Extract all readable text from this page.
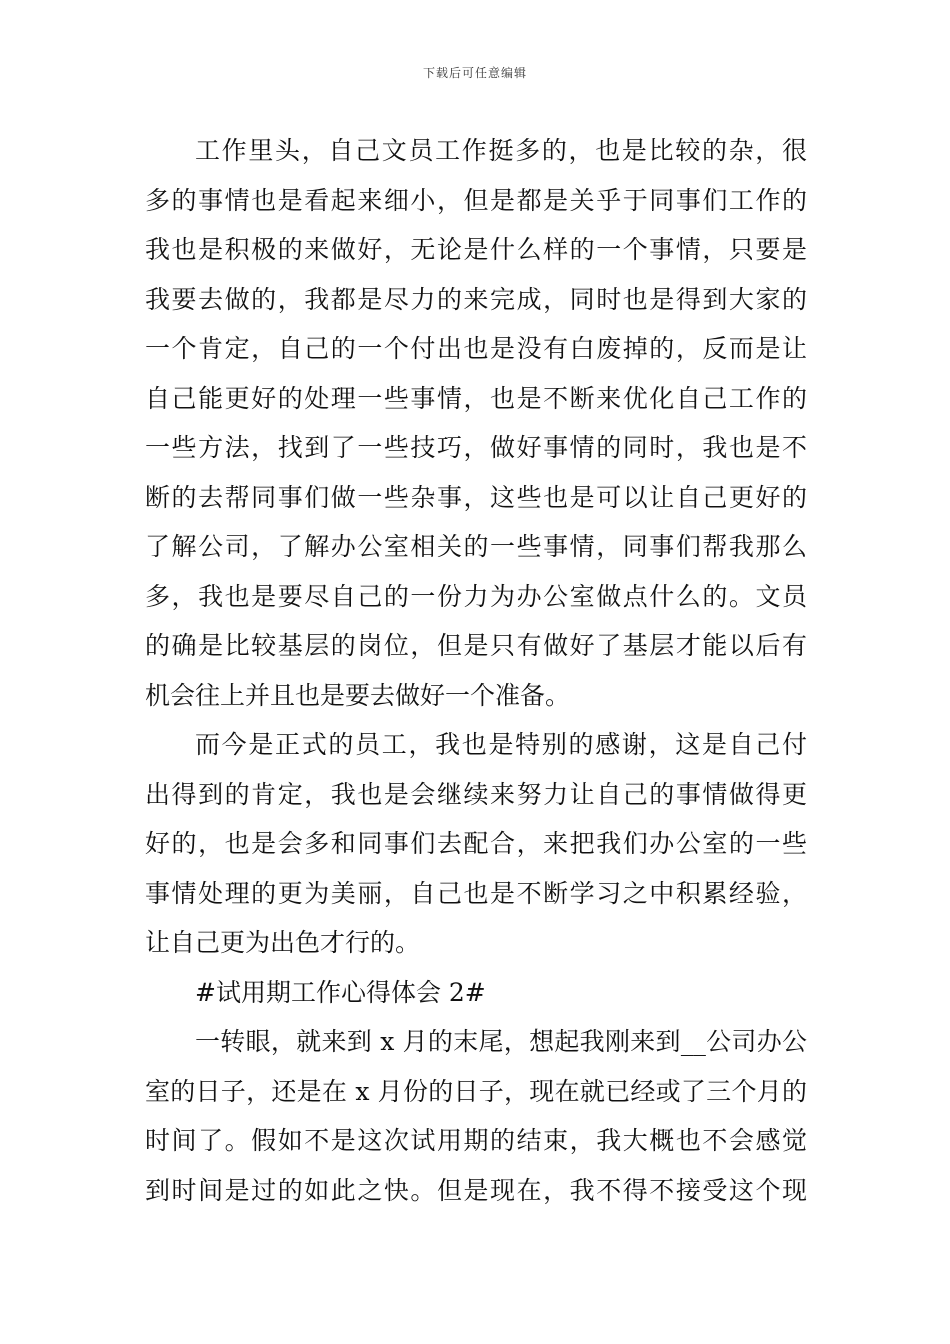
下载后可任意编辑
工作里头，自己文员工作挺多的，也是比较的杂，很
多的事情也是看起来细小，但是都是关乎于同事们工作的
我也是积极的来做好，无论是什么样的一个事情，只要是
我要去做的，我都是尽力的来完成，同时也是得到大家的
一个肯定，自己的一个付出也是没有白废掉的，反而是让
自己能更好的处理一些事情，也是不断来优化自己工作的
一些方法，找到了一些技巧，做好事情的同时，我也是不
断的去帮同事们做一些杂事，这些也是可以让自己更好的
了解公司，了解办公室相关的一些事情，同事们帮我那么
多，我也是要尽自己的一份力为办公室做点什么的。文员
的确是比较基层的岗位，但是只有做好了基层才能以后有
机会往上并且也是要去做好一个准备。
而今是正式的员工，我也是特别的感谢，这是自己付
出得到的肯定，我也是会继续来努力让自己的事情做得更
好的，也是会多和同事们去配合，来把我们办公室的一些
事情处理的更为美丽，自己也是不断学习之中积累经验，
让自己更为出色才行的。
#试用期工作心得体会 2#
一转眼，就来到 x 月的末尾，想起我刚来到__公司办公
室的日子，还是在 x 月份的日子，现在就已经或了三个月的
时间了。假如不是这次试用期的结束，我大概也不会感觉
到时间是过的如此之快。但是现在，我不得不接受这个现
